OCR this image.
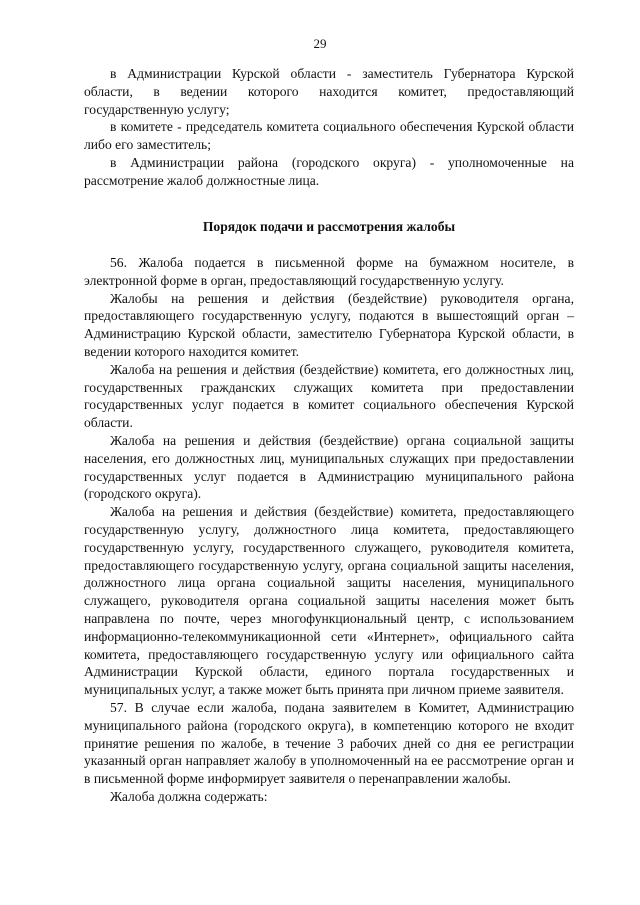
29

в Администрации Курской области - заместитель Губернатора Курской области, в ведении которого находится комитет, предоставляющий государственную услугу;

в комитете - председатель комитета социального обеспечения Курской области либо его заместитель;

в Администрации района (городского округа) - уполномоченные на рассмотрение жалоб должностные лица.

Порядок подачи и рассмотрения жалобы

56. Жалоба подается в письменной форме на бумажном носителе, в электронной форме в орган, предоставляющий государственную услугу.

Жалобы на решения и действия (бездействие) руководителя органа, предоставляющего государственную услугу, подаются в вышестоящий орган – Администрацию Курской области, заместителю Губернатора Курской области, в ведении которого находится комитет.

Жалоба на решения и действия (бездействие) комитета, его должностных лиц, государственных гражданских служащих комитета при предоставлении государственных услуг подается в комитет социального обеспечения Курской области.

Жалоба на решения и действия (бездействие) органа социальной защиты населения, его должностных лиц, муниципальных служащих при предоставлении государственных услуг подается в Администрацию муниципального района (городского округа).

Жалоба на решения и действия (бездействие) комитета, предоставляющего государственную услугу, должностного лица комитета, предоставляющего государственную услугу, государственного служащего, руководителя комитета, предоставляющего государственную услугу, органа социальной защиты населения, должностного лица органа социальной защиты населения, муниципального служащего, руководителя органа социальной защиты населения может быть направлена по почте, через многофункциональный центр, с использованием информационно-телекоммуникационной сети «Интернет», официального сайта комитета, предоставляющего государственную услугу или официального сайта Администрации Курской области, единого портала государственных и муниципальных услуг, а также может быть принята при личном приеме заявителя.

57. В случае если жалоба, подана заявителем в Комитет, Администрацию муниципального района (городского округа), в компетенцию которого не входит принятие решения по жалобе, в течение 3 рабочих дней со дня ее регистрации указанный орган направляет жалобу в уполномоченный на ее рассмотрение орган и в письменной форме информирует заявителя о перенаправлении жалобы.

Жалоба должна содержать:
